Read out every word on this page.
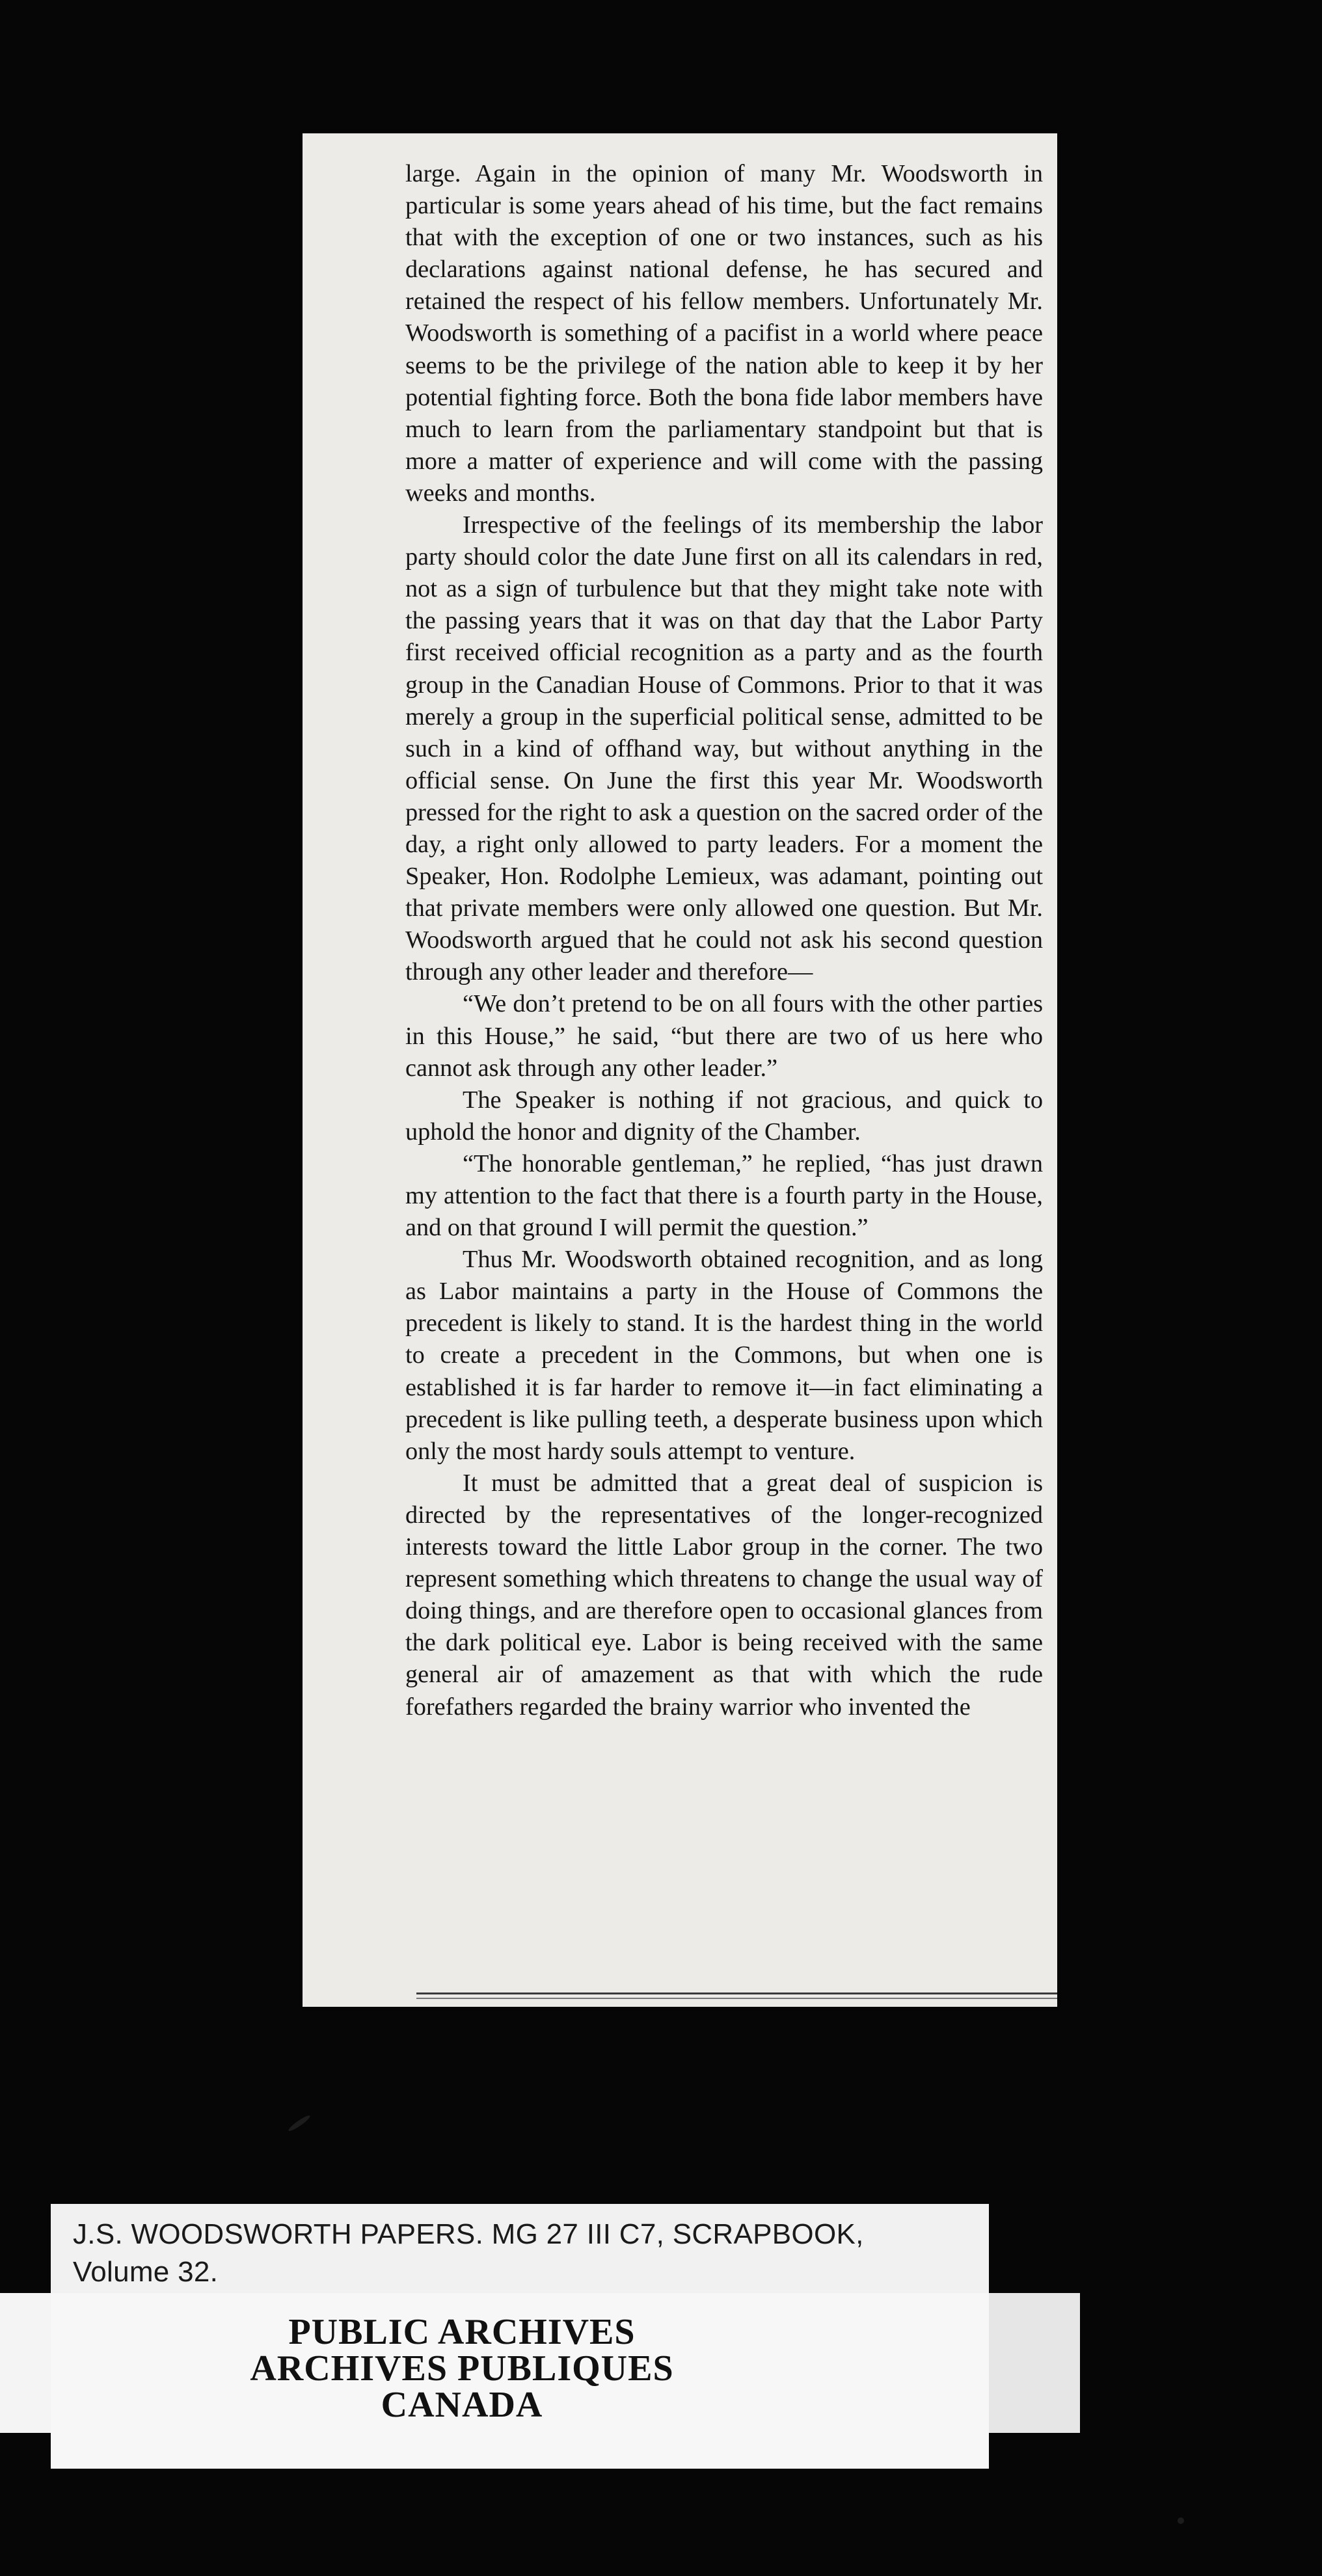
large. Again in the opinion of many Mr. Woodsworth in particular is some years ahead of his time, but the fact remains that with the exception of one or two instances, such as his declarations against national defense, he has secured and retained the respect of his fellow members. Unfortunately Mr. Woodsworth is something of a pacifist in a world where peace seems to be the privilege of the nation able to keep it by her potential fighting force. Both the bona fide labor members have much to learn from the parliamentary standpoint but that is more a matter of experience and will come with the passing weeks and months.

Irrespective of the feelings of its membership the labor party should color the date June first on all its calendars in red, not as a sign of turbulence but that they might take note with the passing years that it was on that day that the Labor Party first received official recognition as a party and as the fourth group in the Canadian House of Commons. Prior to that it was merely a group in the superficial political sense, admitted to be such in a kind of offhand way, but without anything in the official sense. On June the first this year Mr. Woodsworth pressed for the right to ask a question on the sacred order of the day, a right only allowed to party leaders. For a moment the Speaker, Hon. Rodolphe Lemieux, was adamant, pointing out that private members were only allowed one question. But Mr. Woodsworth argued that he could not ask his second question through any other leader and therefore—

“We don’t pretend to be on all fours with the other parties in this House,” he said, “but there are two of us here who cannot ask through any other leader.”

The Speaker is nothing if not gracious, and quick to uphold the honor and dignity of the Chamber.

“The honorable gentleman,” he replied, “has just drawn my attention to the fact that there is a fourth party in the House, and on that ground I will permit the question.”

Thus Mr. Woodsworth obtained recognition, and as long as Labor maintains a party in the House of Commons the precedent is likely to stand. It is the hardest thing in the world to create a precedent in the Commons, but when one is established it is far harder to remove it—in fact eliminating a precedent is like pulling teeth, a desperate business upon which only the most hardy souls attempt to venture.

It must be admitted that a great deal of suspicion is directed by the representatives of the longer-recognized interests toward the little Labor group in the corner. The two represent something which threatens to change the usual way of doing things, and are therefore open to occasional glances from the dark political eye. Labor is being received with the same general air of amazement as that with which the rude forefathers regarded the brainy warrior who invented the

J.S. WOODSWORTH PAPERS. MG 27 III C7, SCRAPBOOK,
Volume 32.
PUBLIC ARCHIVES
ARCHIVES PUBLIQUES
CANADA
